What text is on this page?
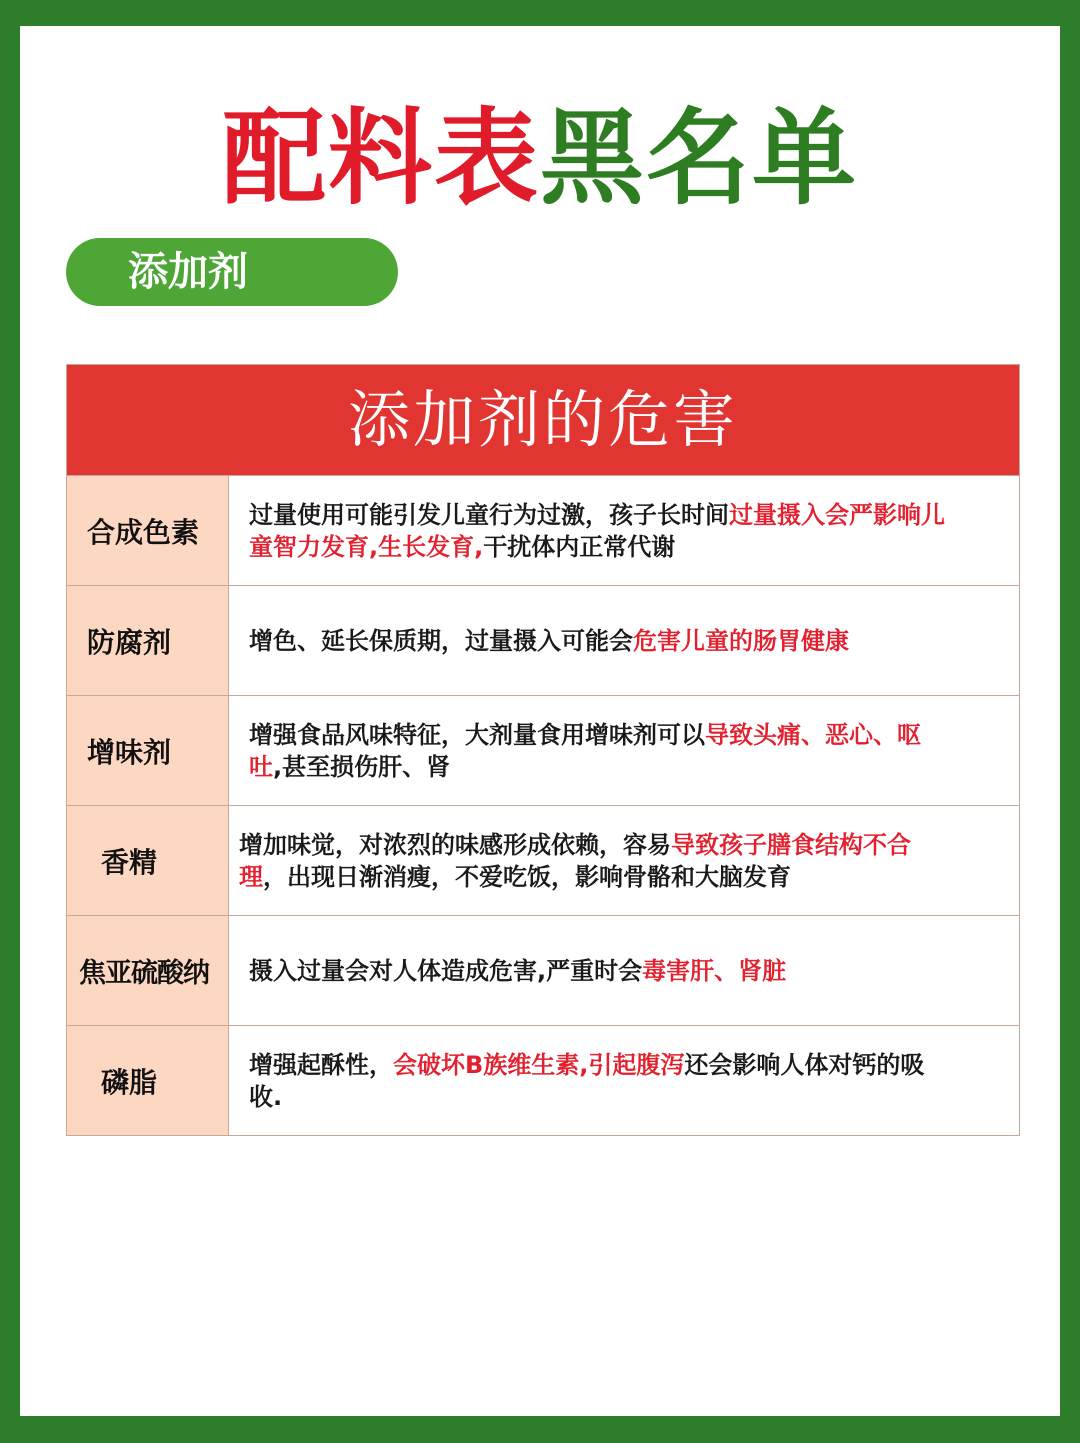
配料表黑名单
添加剂
添加剂的危害
合成色素
过量使用可能引发儿童行为过激，孩子长时间过量摄入会严影响儿童智力发育,生长发育,干扰体内正常代谢
防腐剂	增色、延长保质期，过量摄入可能会危害儿童的肠胃健康
增味剂
增强食品风味特征，大剂量食用增味剂可以导致头痛、恶心、呕吐,甚至损伤肝、肾
香精
增加味觉，对浓烈的味感形成依赖，容易导致孩子膳食结构不合理，出现日渐消瘦，不爱吃饭，影响骨骼和大脑发育
焦亚硫酸纳	摄入过量会对人体造成危害,严重时会毒害肝、肾脏
磷脂
增强起酥性，会破坏B族维生素,引起腹泻还会影响人体对钙的吸收.
